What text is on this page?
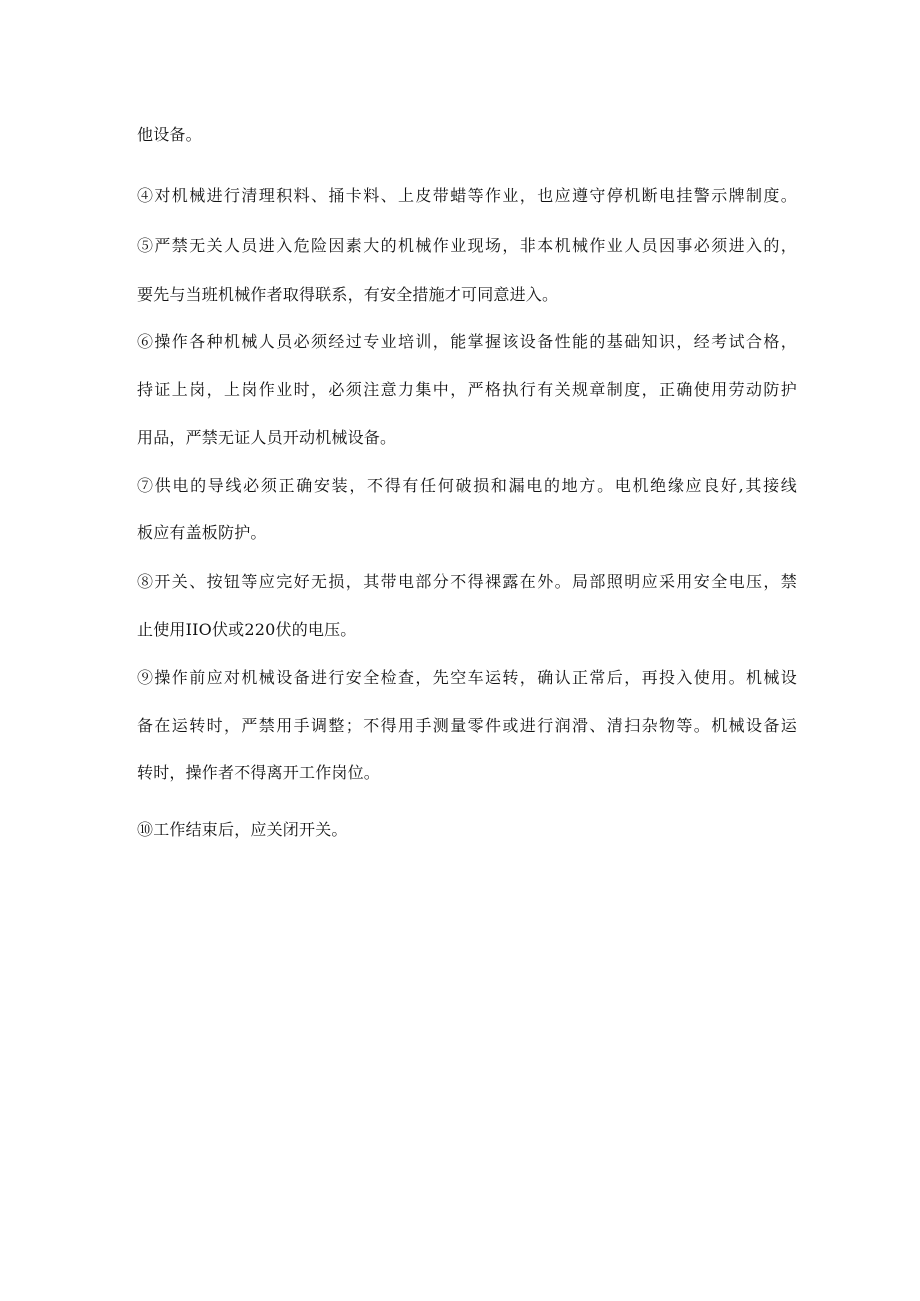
他设备。

④对机械进行清理积料、捅卡料、上皮带蜡等作业，也应遵守停机断电挂警示牌制度。

⑤严禁无关人员进入危险因素大的机械作业现场，非本机械作业人员因事必须进入的，

要先与当班机械作者取得联系，有安全措施才可同意进入。

⑥操作各种机械人员必须经过专业培训，能掌握该设备性能的基础知识，经考试合格，

持证上岗，上岗作业时，必须注意力集中，严格执行有关规章制度，正确使用劳动防护

用品，严禁无证人员开动机械设备。

⑦供电的导线必须正确安装，不得有任何破损和漏电的地方。电机绝缘应良好,其接线

板应有盖板防护。

⑧开关、按钮等应完好无损，其带电部分不得裸露在外。局部照明应采用安全电压，禁

止使用IIO伏或220伏的电压。

⑨操作前应对机械设备进行安全检查，先空车运转，确认正常后，再投入使用。机械设

备在运转时，严禁用手调整；不得用手测量零件或进行润滑、清扫杂物等。机械设备运

转时，操作者不得离开工作岗位。

⑩工作结束后，应关闭开关。
